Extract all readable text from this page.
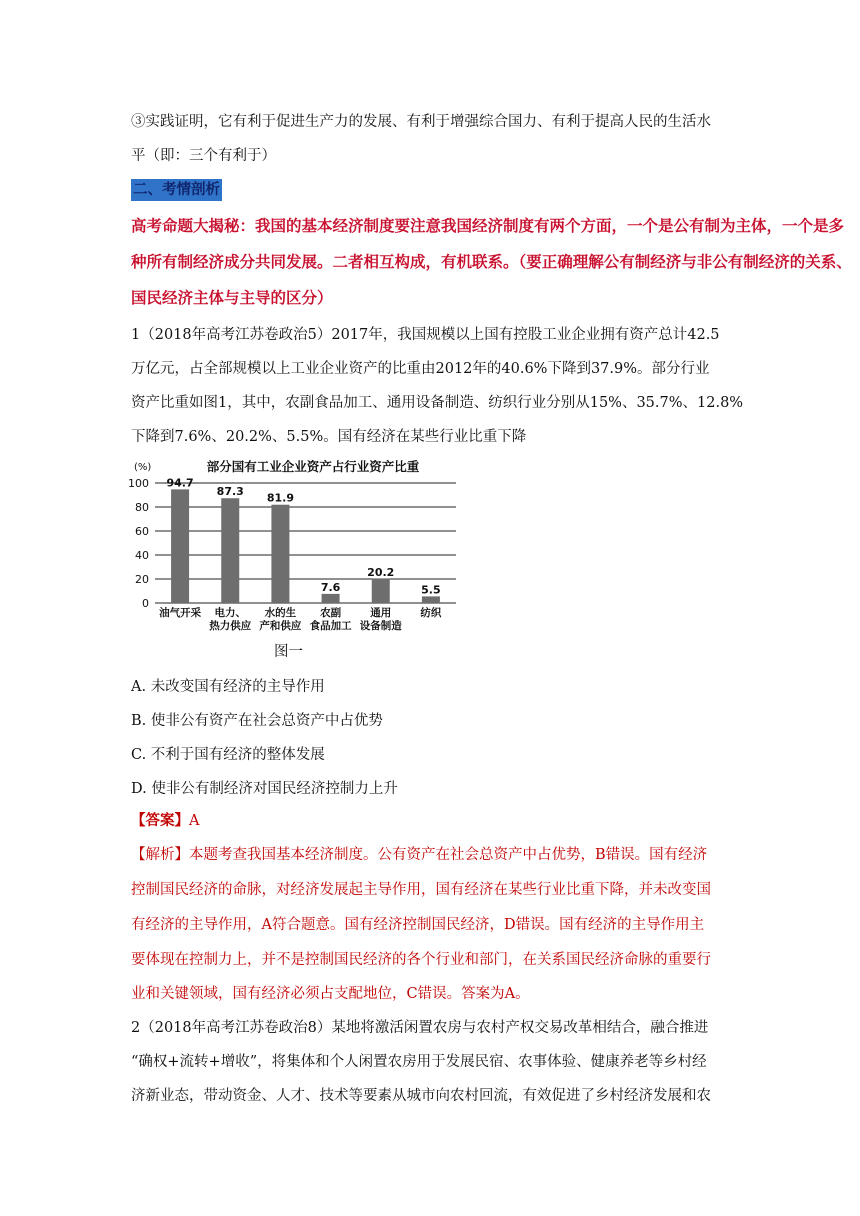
③实践证明，它有利于促进生产力的发展、有利于增强综合国力、有利于提高人民的生活水
平（即：三个有利于）
二、考情剖析
高考命题大揭秘：我国的基本经济制度要注意我国经济制度有两个方面，一个是公有制为主体，一个是多
种所有制经济成分共同发展。二者相互构成，有机联系。（要正确理解公有制经济与非公有制经济的关系、
国民经济主体与主导的区分）
1（2018年高考江苏卷政治5）2017年，我国规模以上国有控股工业企业拥有资产总计42.5
万亿元，占全部规模以上工业企业资产的比重由2012年的40.6%下降到37.9%。部分行业
资产比重如图1，其中，农副食品加工、通用设备制造、纺织行业分别从15%、35.7%、12.8%
下降到7.6%、20.2%、5.5%。国有经济在某些行业比重下降
0
20
40
60
80
100 94.7
87.3 81.9
7.6
20.2
5.5
油气开采 电力、
热力供应
水的生
产和供应
农副
食品加工
通用
设备制造
纺织
部分国有工业企业资产占行业资产比重
(%)
图一
A. 未改变国有经济的主导作用
B. 使非公有资产在社会总资产中占优势
C. 不利于国有经济的整体发展
D. 使非公有制经济对国民经济控制力上升
【答案】A
【解析】本题考查我国基本经济制度。公有资产在社会总资产中占优势，B错误。国有经济
控制国民经济的命脉，对经济发展起主导作用，国有经济在某些行业比重下降，并未改变国
有经济的主导作用，A符合题意。国有经济控制国民经济，D错误。国有经济的主导作用主
要体现在控制力上，并不是控制国民经济的各个行业和部门，在关系国民经济命脉的重要行
业和关键领域，国有经济必须占支配地位，C错误。答案为A。
2（2018年高考江苏卷政治8）某地将激活闲置农房与农村产权交易改革相结合，融合推进
“确权+流转+增收”，将集体和个人闲置农房用于发展民宿、农事体验、健康养老等乡村经
济新业态，带动资金、人才、技术等要素从城市向农村回流，有效促进了乡村经济发展和农
